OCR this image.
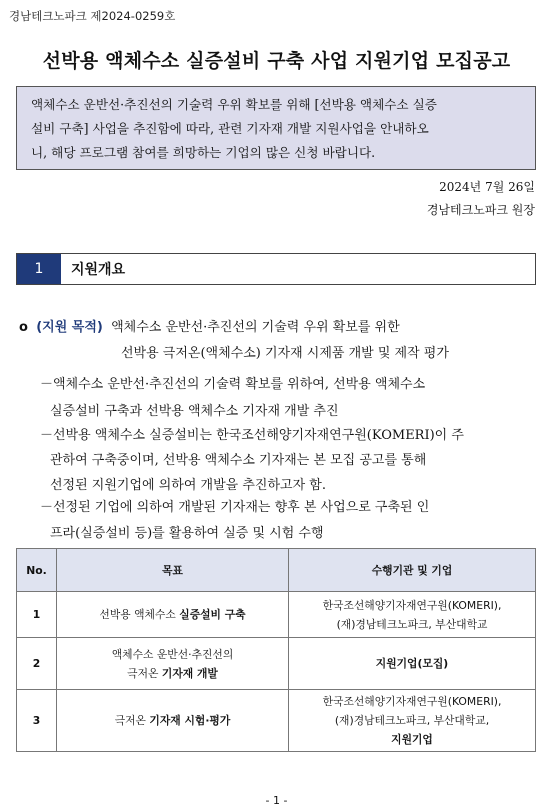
경남테크노파크 제2024-0259호
선박용 액체수소 실증설비 구축 사업 지원기업 모집공고
액체수소 운반선·추진선의 기술력 우위 확보를 위해 [선박용 액체수소 실증
설비 구축] 사업을 추진함에 따라, 관련 기자재 개발 지원사업을 안내하오
니, 해당 프로그램 참여를 희망하는 기업의 많은 신청 바랍니다.
2024년 7월 26일
경남테크노파크 원장
1	지원개요
o (지원 목적) 액체수소 운반선·추진선의 기술력 우위 확보를 위한
선박용 극저온(액체수소) 기자재 시제품 개발 및 제작 평가
－액체수소 운반선·추진선의 기술력 확보를 위하여, 선박용 액체수소
실증설비 구축과 선박용 액체수소 기자재 개발 추진
－선박용 액체수소 실증설비는 한국조선해양기자재연구원(KOMERI)이 주
관하여 구축중이며, 선박용 액체수소 기자재는 본 모집 공고를 통해
선정된 지원기업에 의하여 개발을 추진하고자 함.
－선정된 기업에 의하여 개발된 기자재는 향후 본 사업으로 구축된 인
프라(실증설비 등)를 활용하여 실증 및 시험 수행
No.	목표	수행기관 및 기업
1	선박용 액체수소 실증설비 구축	한국조선해양기자재연구원(KOMERI),
(재)경남테크노파크, 부산대학교

2	액체수소 운반선·추진선의
극저온 기자재 개발	지원기업(모집)

3	극저온 기자재 시험·평가	한국조선해양기자재연구원(KOMERI),
(재)경남테크노파크, 부산대학교,
지원기업
- 1 -
